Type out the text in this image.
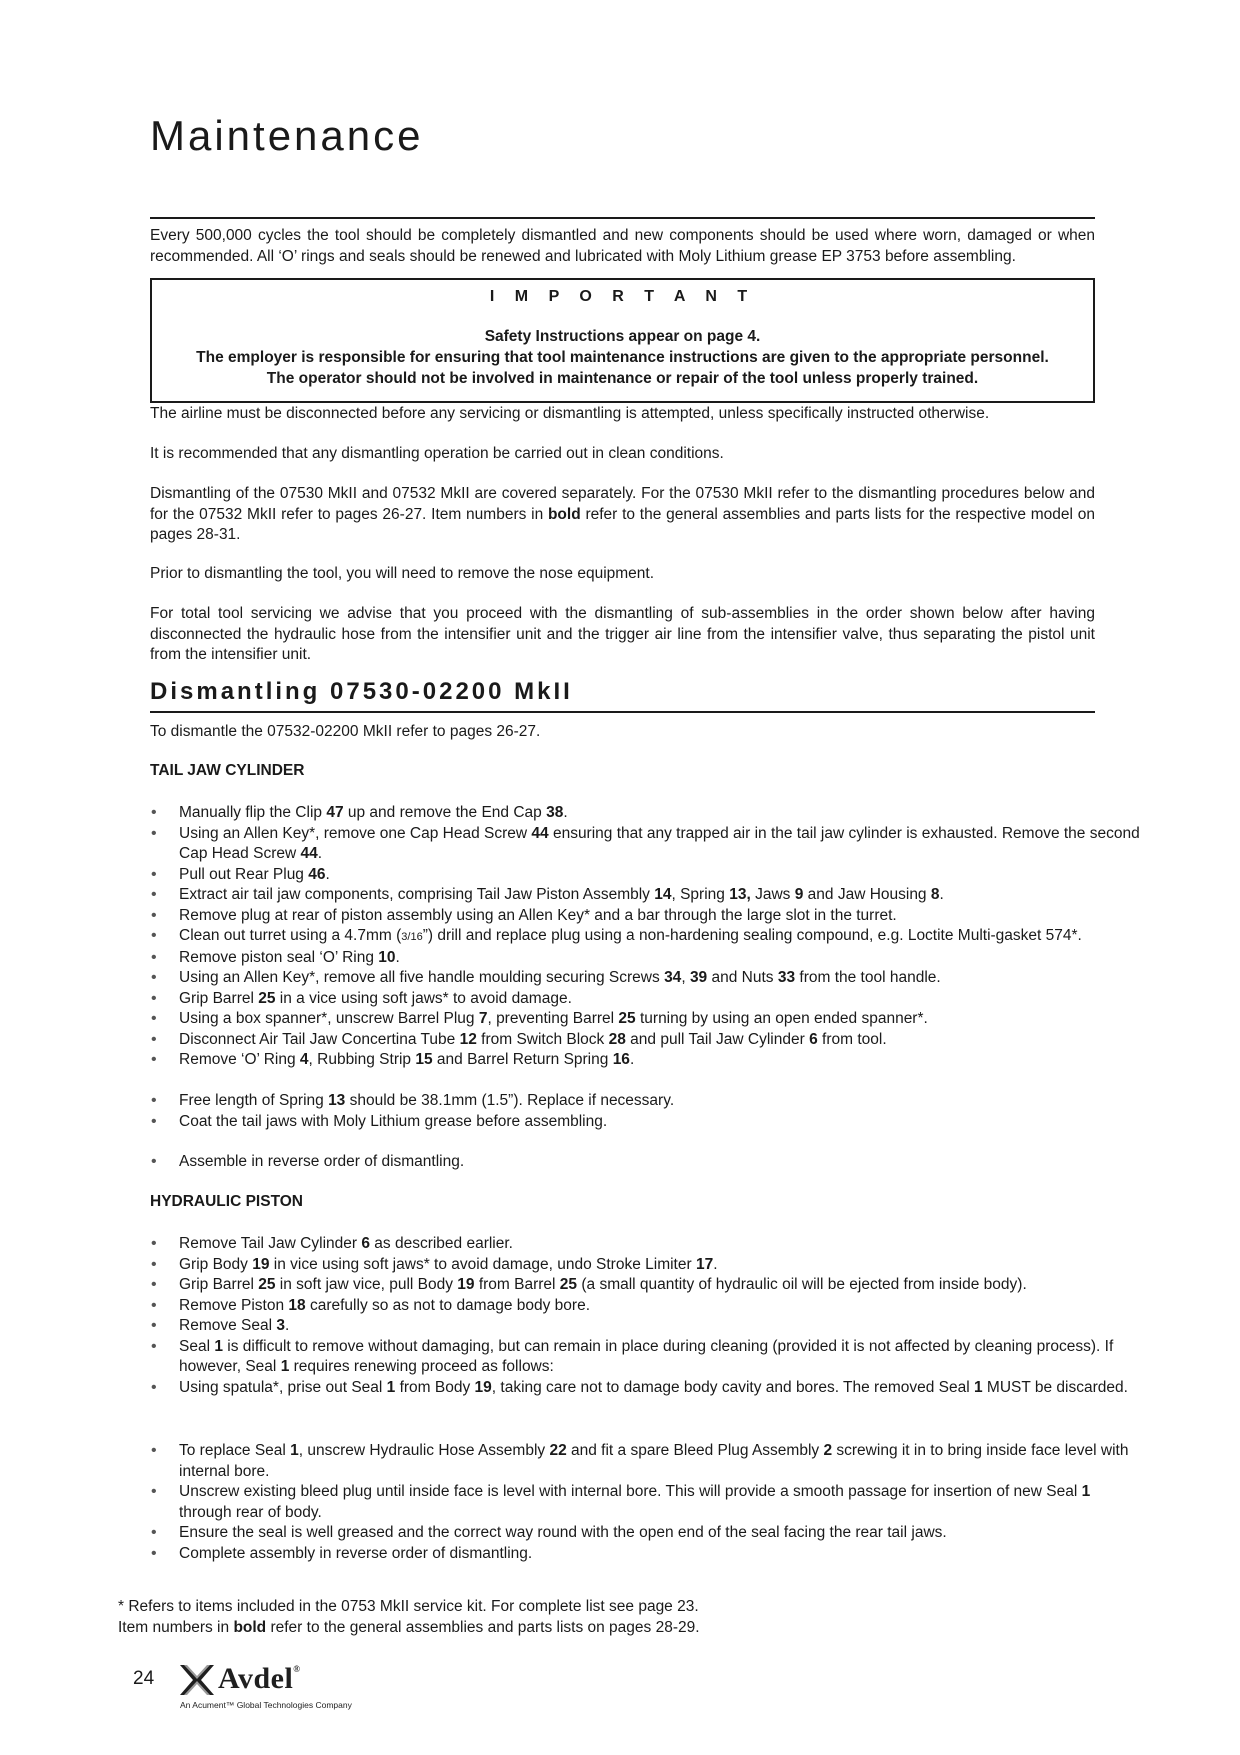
Maintenance

Every 500,000 cycles the tool should be completely dismantled and new components should be used where worn, damaged or when recommended. All ‘O’ rings and seals should be renewed and lubricated with Moly Lithium grease EP 3753 before assembling.

I M P O R T A N T
Safety Instructions appear on page 4.
The employer is responsible for ensuring that tool maintenance instructions are given to the appropriate personnel.
The operator should not be involved in maintenance or repair of the tool unless properly trained.

The airline must be disconnected before any servicing or dismantling is attempted, unless specifically instructed otherwise.

It is recommended that any dismantling operation be carried out in clean conditions.

Dismantling of the 07530 MkII and 07532 MkII are covered separately. For the 07530 MkII refer to the dismantling procedures below and for the 07532 MkII refer to pages 26-27. Item numbers in bold refer to the general assemblies and parts lists for the respective model on pages 28-31.

Prior to dismantling the tool, you will need to remove the nose equipment.

For total tool servicing we advise that you proceed with the dismantling of sub-assemblies in the order shown below after having disconnected the hydraulic hose from the intensifier unit and the trigger air line from the intensifier valve, thus separating the pistol unit from the intensifier unit.

Dismantling 07530-02200 MkII

To dismantle the 07532-02200 MkII refer to pages 26-27.

TAIL JAW CYLINDER
• Manually flip the Clip 47 up and remove the End Cap 38.
• Using an Allen Key*, remove one Cap Head Screw 44 ensuring that any trapped air in the tail jaw cylinder is exhausted. Remove the second Cap Head Screw 44.
• Pull out Rear Plug 46.
• Extract air tail jaw components, comprising Tail Jaw Piston Assembly 14, Spring 13, Jaws 9 and Jaw Housing 8.
• Remove plug at rear of piston assembly using an Allen Key* and a bar through the large slot in the turret.
• Clean out turret using a 4.7mm (3/16”) drill and replace plug using a non-hardening sealing compound, e.g. Loctite Multi-gasket 574*.
• Remove piston seal ‘O’ Ring 10.
• Using an Allen Key*, remove all five handle moulding securing Screws 34, 39 and Nuts 33 from the tool handle.
• Grip Barrel 25 in a vice using soft jaws* to avoid damage.
• Using a box spanner*, unscrew Barrel Plug 7, preventing Barrel 25 turning by using an open ended spanner*.
• Disconnect Air Tail Jaw Concertina Tube 12 from Switch Block 28 and pull Tail Jaw Cylinder 6 from tool.
• Remove ‘O’ Ring 4, Rubbing Strip 15 and Barrel Return Spring 16.
• Free length of Spring 13 should be 38.1mm (1.5”). Replace if necessary.
• Coat the tail jaws with Moly Lithium grease before assembling.
• Assemble in reverse order of dismantling.
HYDRAULIC PISTON
• Remove Tail Jaw Cylinder 6 as described earlier.
• Grip Body 19 in vice using soft jaws* to avoid damage, undo Stroke Limiter 17.
• Grip Barrel 25 in soft jaw vice, pull Body 19 from Barrel 25 (a small quantity of hydraulic oil will be ejected from inside body).
• Remove Piston 18 carefully so as not to damage body bore.
• Remove Seal 3.
• Seal 1 is difficult to remove without damaging, but can remain in place during cleaning (provided it is not affected by cleaning process). If however, Seal 1 requires renewing proceed as follows:
• Using spatula*, prise out Seal 1 from Body 19, taking care not to damage body cavity and bores. The removed Seal 1 MUST be discarded.
• To replace Seal 1, unscrew Hydraulic Hose Assembly 22 and fit a spare Bleed Plug Assembly 2 screwing it in to bring inside face level with internal bore.
• Unscrew existing bleed plug until inside face is level with internal bore. This will provide a smooth passage for insertion of new Seal 1 through rear of body.
• Ensure the seal is well greased and the correct way round with the open end of the seal facing the rear tail jaws.
• Complete assembly in reverse order of dismantling.
* Refers to items included in the 0753 MkII service kit. For complete list see page 23.
Item numbers in bold refer to the general assemblies and parts lists on pages 28-29.
24 Avdel®
An Acument™ Global Technologies Company
